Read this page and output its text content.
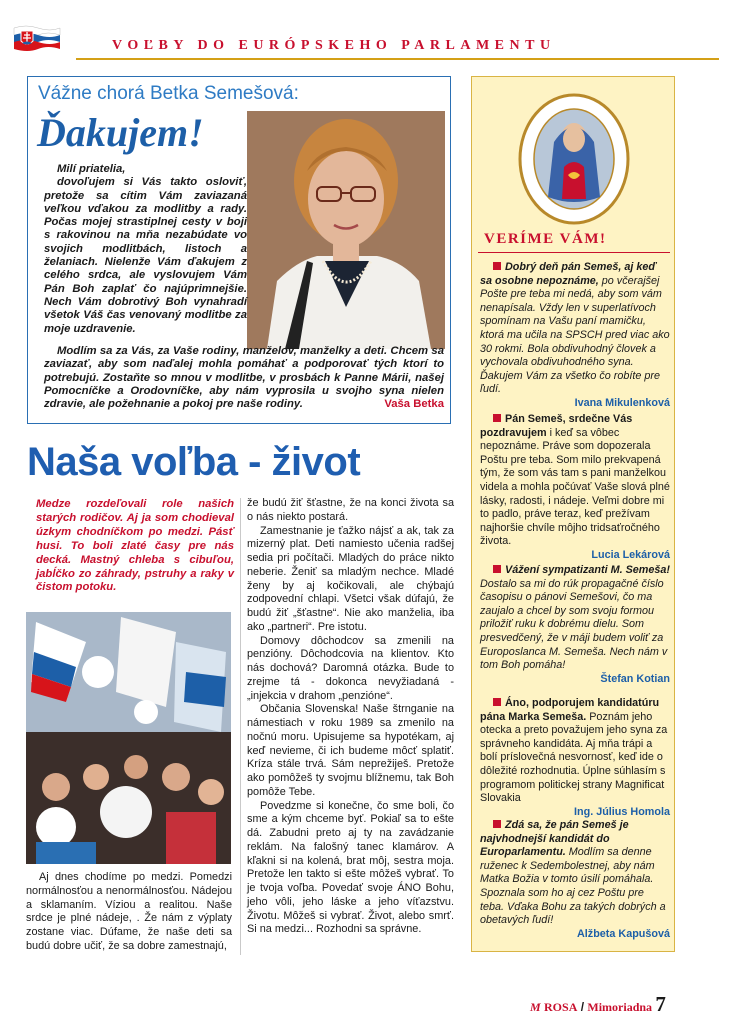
VOĽBY DO EURÓPSKEHO PARLAMENTU
Vážne chorá Betka Semešová:
Ďakujem!

Milí priatelia,

dovoľujem si Vás takto osloviť, pretože sa cítim Vám zaviazaná veľkou vďakou za modlitby a rady. Počas mojej strastiplnej cesty v boji s rakovinou na mňa nezabúdate vo svojich modlitbách, listoch a želaniach. Nielenže Vám ďakujem z celého srdca, ale vyslovujem Vám Pán Boh zaplať čo najúprimnejšie. Nech Vám dobrotivý Boh vynahradí všetok Váš čas venovaný modlitbe za moje uzdravenie.

Modlím sa za Vás, za Vaše rodiny, manželov, manželky a deti. Chcem sa zaviazať, aby som naďalej mohla pomáhať a podporovať tých ktorí to potrebujú. Zostaňte so mnou v modlitbe, v prosbách k Panne Márii, našej Pomocníčke a Orodovníčke, aby nám vyprosila u svojho syna nielen zdravie, ale požehnanie a pokoj pre naše rodiny.	Vaša Betka

Naša voľba - život
Medze rozdeľovali role našich starých rodičov. Aj ja som chodieval úzkym chodníčkom po medzi. Pásť husi. To boli zlaté časy pre nás decká. Mastný chleba s cibuľou, jabĺčko zo záhrady, pstruhy a raky v čistom potoku.

Aj dnes chodíme po medzi. Pomedzi normálnosťou a nenormálnosťou. Nádejou a sklamaním. Víziou a realitou. Naše srdce je plné nádeje, . Že nám z výplaty zostane viac. Dúfame, že naše deti sa budú dobre učiť, že sa dobre zamestnajú,

že budú žiť šťastne, že na konci života sa o nás niekto postará.

Zamestnanie je ťažko nájsť a ak, tak za mizerný plat. Deti namiesto učenia radšej sedia pri počítači. Mladých do práce nikto neberie. Ženiť sa mladým nechce. Mladé ženy by aj kočikovali, ale chýbajú zodpovední chlapi. Všetci však dúfajú, že budú žiť „šťastne“. Nie ako manželia, iba ako „partneri“. Pre istotu.

Domovy dôchodcov sa zmenili na penzióny. Dôchodcovia na klientov. Kto nás dochová? Daromná otázka. Bude to zrejme tá - dokonca nevyžiadaná - „injekcia v drahom „penzióne“.

Občania Slovenska! Naše štrnganie na námestiach v roku 1989 sa zmenilo na nočnú moru. Upisujeme sa hypotékam, aj keď nevieme, či ich budeme môcť splatiť. Kríza stále trvá. Sám neprežiješ. Pretože ako pomôžeš ty svojmu blížnemu, tak Boh pomôže Tebe.

Povedzme si konečne, čo sme boli, čo sme a kým chceme byť. Pokiaľ sa to ešte dá. Zabudni preto aj ty na zavádzanie reklám. Na falošný tanec klamárov. A kľakni si na kolená, brat môj, sestra moja. Pretože len takto si ešte môžeš vybrať. To je tvoja voľba. Povedať svoje ÁNO Bohu, jeho vôli, jeho láske a jeho víťazstvu. Životu. Môžeš si vybrať. Život, alebo smrť. Si na medzi... Rozhodni sa správne.

VERÍME VÁM!

Dobrý deň pán Semeš, aj keď sa osobne nepoznáme, po včerajšej Pošte pre teba mi nedá, aby som vám nenapísala. Vždy len v superlatívoch spomínam na Vašu paní mamičku, ktorá ma učila na SPSCH pred viac ako 30 rokmi. Bola obdivuhodný človek a vychovala obdivuhodného syna. Ďakujem Vám za všetko čo robíte pre ľudí.

Ivana Mikulenková

Pán Semeš, srdečne Vás pozdravujem i keď sa vôbec nepoznáme. Práve som dopozerala Poštu pre teba. Som milo prekvapená tým, že som vás tam s pani manželkou videla a mohla počúvať Vaše slová plné lásky, radosti, i nádeje. Veľmi dobre mi to padlo, práve teraz, keď prežívam najhoršie chvíle môjho tridsaťročného života.

Lucia Lekárová

Vážení sympatizanti M. Semeša! Dostalo sa mi do rúk propagačné číslo časopisu o pánovi Semešovi, čo ma zaujalo a chcel by som svoju formou priložiť ruku k dobrému dielu. Som presvedčený, že v máji budem voliť za Europoslanca M. Semeša. Nech nám v tom Boh pomáha!

Štefan Kotian

Áno, podporujem kandidatúru pána Marka Semeša. Poznám jeho otecka a preto považujem jeho syna za správneho kandidáta. Aj mňa trápi a bolí príslovečná nesvornosť, keď ide o dôležité rozhodnutia. Úplne súhlasím s programom politickej strany Magnificat Slovakia

Ing. Július Homola

Zdá sa, že pán Semeš je najvhodnejší kandidát do Europarlamentu. Modlím sa denne ruženec k Sedembolestnej, aby nám Matka Božia v tomto úsilí pomáhala. Spoznala som ho aj cez Poštu pre teba. Vďaka Bohu za takých dobrých a obetavých ľudí!

Alžbeta Kapušová
M ROSA / Mimoriadna 7
